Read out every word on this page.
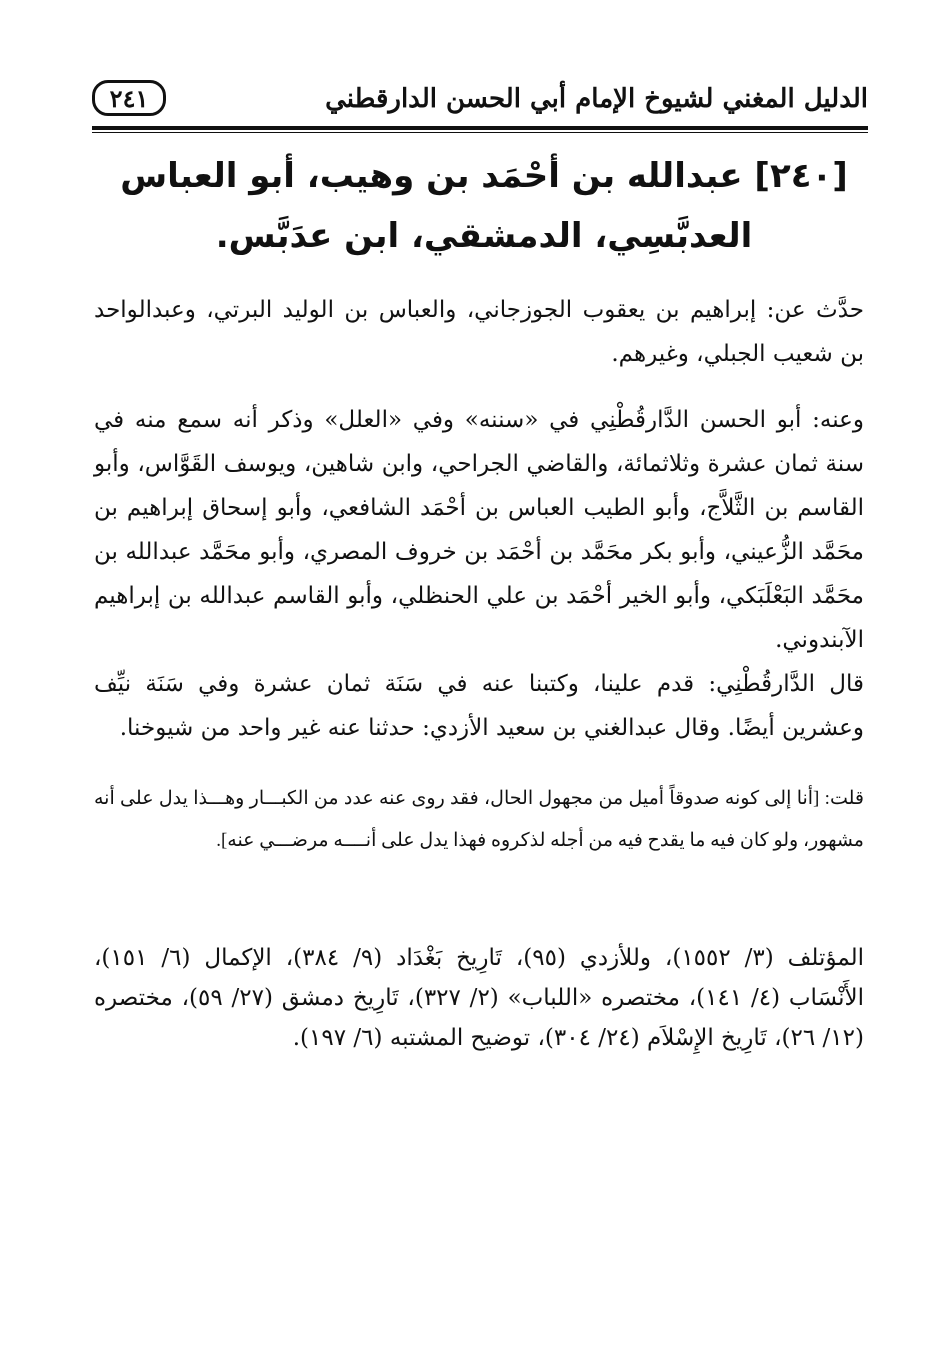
الدليل المغني لشيوخ الإمام أبي الحسن الدارقطني
٢٤١
[٢٤٠] عبدالله بن أحْمَد بن وهيب، أبو العباس العدبَّسِي، الدمشقي، ابن عدَبَّس.
حدَّث عن: إبراهيم بن يعقوب الجوزجاني، والعباس بن الوليد البرتي، وعبدالواحد بن شعيب الجبلي، وغيرهم.
وعنه: أبو الحسن الدَّارقُطْنِي في «سننه» وفي «العلل» وذكر أنه سمع منه في سنة ثمان عشرة وثلاثمائة، والقاضي الجراحي، وابن شاهين، ويوسف القَوَّاس، وأبو القاسم بن الثَّلاَّج، وأبو الطيب العباس بن أحْمَد الشافعي، وأبو إسحاق إبراهيم بن محَمَّد الزُّعيني، وأبو بكر محَمَّد بن أحْمَد بن خروف المصري، وأبو محَمَّد عبدالله بن محَمَّد البَعْلَبَكي، وأبو الخير أحْمَد بن علي الحنظلي، وأبو القاسم عبدالله بن إبراهيم الآبندوني.
قال الدَّارقُطْنِي: قدم علينا، وكتبنا عنه في سَنَة ثمان عشرة وفي سَنَة نيِّف وعشرين أيضًا. وقال عبدالغني بن سعيد الأزدي: حدثنا عنه غير واحد من شيوخنا.
قلت: [أنا إلى كونه صدوقاً أميل من مجهول الحال، فقد روى عنه عدد من الكبـــار وهـــذا يدل على أنه مشهور، ولو كان فيه ما يقدح فيه من أجله لذكروه فهذا يدل على أنــــه مرضـــي عنه].
المؤتلف (٣/ ١٥٥٢)، وللأزدي (٩٥)، تَارِيخ بَغْدَاد (٩/ ٣٨٤)، الإكمال (٦/ ١٥١)، الأَنْسَاب (٤/ ١٤١)، مختصره «اللباب» (٢/ ٣٢٧)، تَارِيخ دمشق (٢٧/ ٥٩)، مختصره (١٢/ ٢٦)، تَارِيخ الإِسْلاَم (٢٤/ ٣٠٤)، توضيح المشتبه (٦/ ١٩٧).
